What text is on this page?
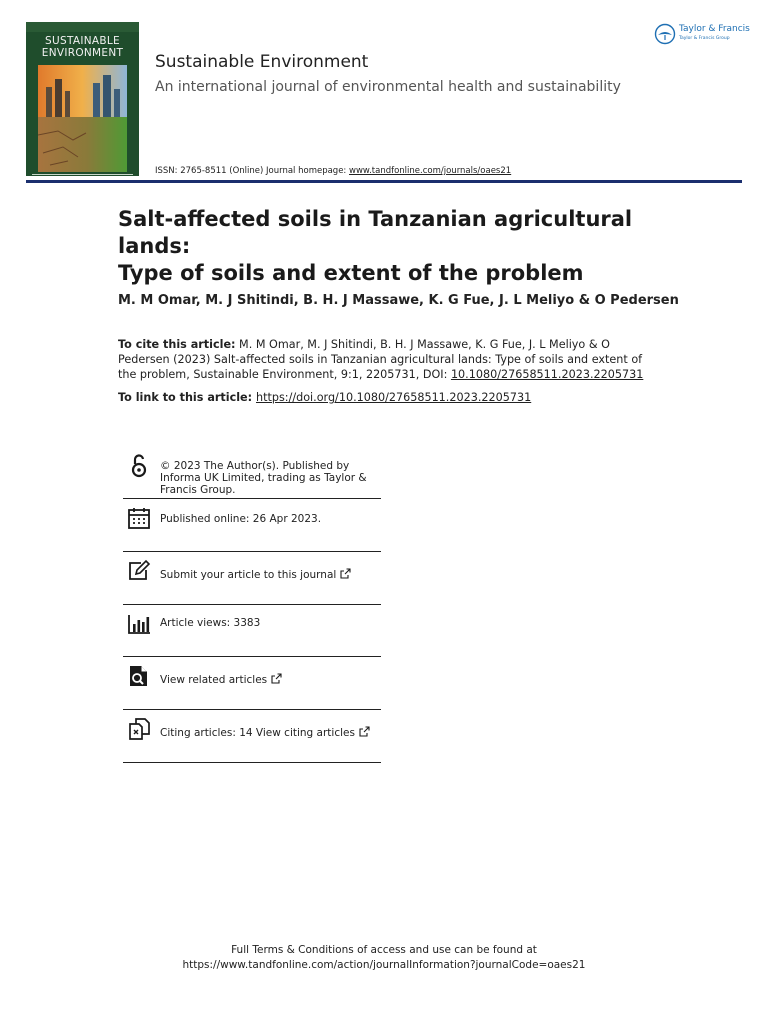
SUSTAINABLE
ENVIRONMENT	Sustainable Environment
An international journal of environmental health and sustainability
Taylor & Francis
Taylor & Francis Group
ISSN: 2765-8511 (Online) Journal homepage: www.tandfonline.com/journals/oaes21
Salt-affected soils in Tanzanian agricultural lands:
Type of soils and extent of the problem
M. M Omar, M. J Shitindi, B. H. J Massawe, K. G Fue, J. L Meliyo & O Pedersen
To cite this article: M. M Omar, M. J Shitindi, B. H. J Massawe, K. G Fue, J. L Meliyo & O Pedersen (2023) Salt-affected soils in Tanzanian agricultural lands: Type of soils and extent of the problem, Sustainable Environment, 9:1, 2205731, DOI: 10.1080/27658511.2023.2205731
To link to this article: https://doi.org/10.1080/27658511.2023.2205731
© 2023 The Author(s). Published by Informa UK Limited, trading as Taylor & Francis Group.
Published online: 26 Apr 2023.
Submit your article to this journal
Article views: 3383
View related articles
Citing articles: 14 View citing articles
Full Terms & Conditions of access and use can be found at
https://www.tandfonline.com/action/journalInformation?journalCode=oaes21
